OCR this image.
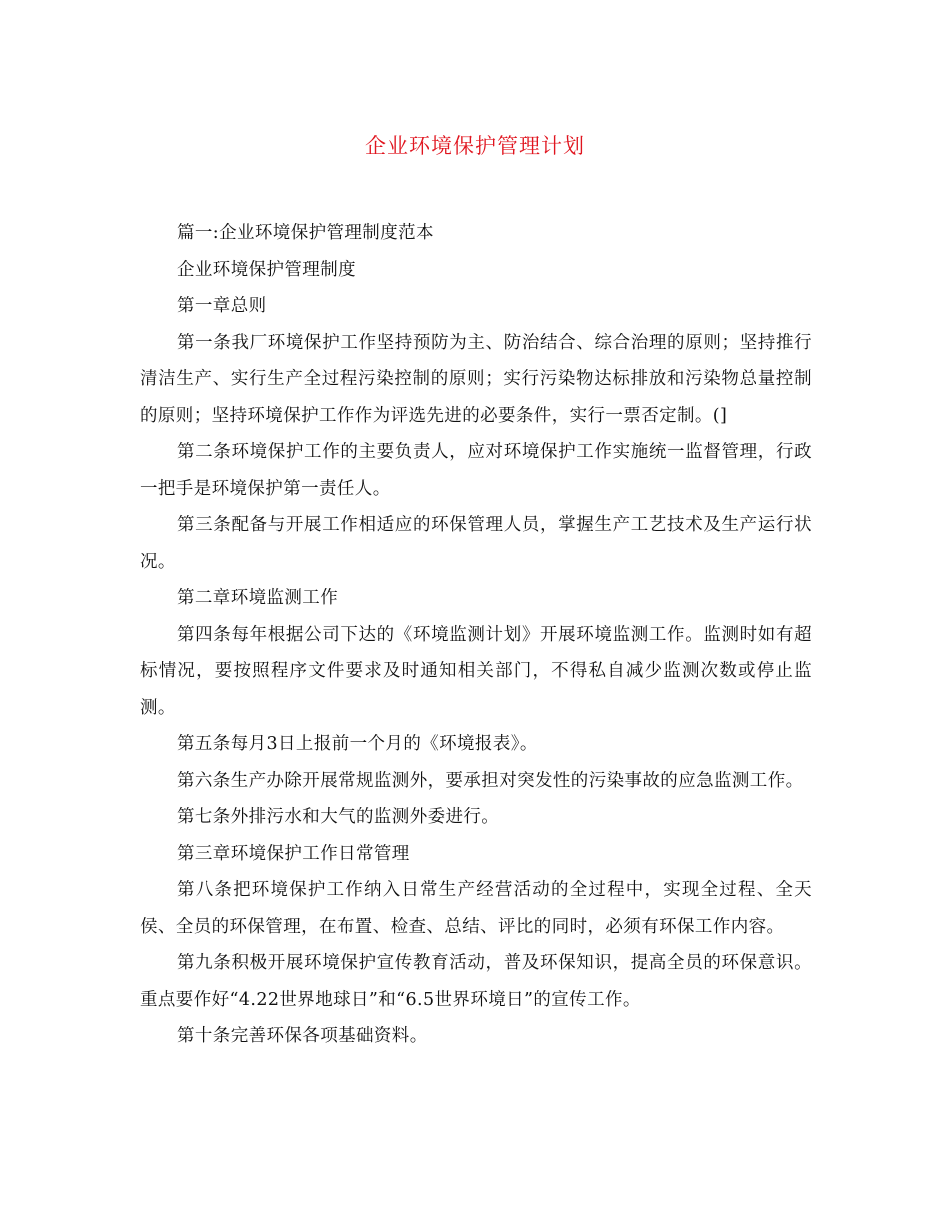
企业环境保护管理计划

篇一:企业环境保护管理制度范本

企业环境保护管理制度

第一章总则

第一条我厂环境保护工作坚持预防为主、防治结合、综合治理的原则；坚持推行清洁生产、实行生产全过程污染控制的原则；实行污染物达标排放和污染物总量控制的原则；坚持环境保护工作作为评选先进的必要条件，实行一票否定制。(]

第二条环境保护工作的主要负责人，应对环境保护工作实施统一监督管理，行政一把手是环境保护第一责任人。

第三条配备与开展工作相适应的环保管理人员，掌握生产工艺技术及生产运行状况。

第二章环境监测工作

第四条每年根据公司下达的《环境监测计划》开展环境监测工作。监测时如有超标情况，要按照程序文件要求及时通知相关部门，不得私自减少监测次数或停止监测。

第五条每月3日上报前一个月的《环境报表》。

第六条生产办除开展常规监测外，要承担对突发性的污染事故的应急监测工作。

第七条外排污水和大气的监测外委进行。

第三章环境保护工作日常管理

第八条把环境保护工作纳入日常生产经营活动的全过程中，实现全过程、全天侯、全员的环保管理，在布置、检查、总结、评比的同时，必须有环保工作内容。

第九条积极开展环境保护宣传教育活动，普及环保知识，提高全员的环保意识。重点要作好“4.22世界地球日”和“6.5世界环境日”的宣传工作。

第十条完善环保各项基础资料。
